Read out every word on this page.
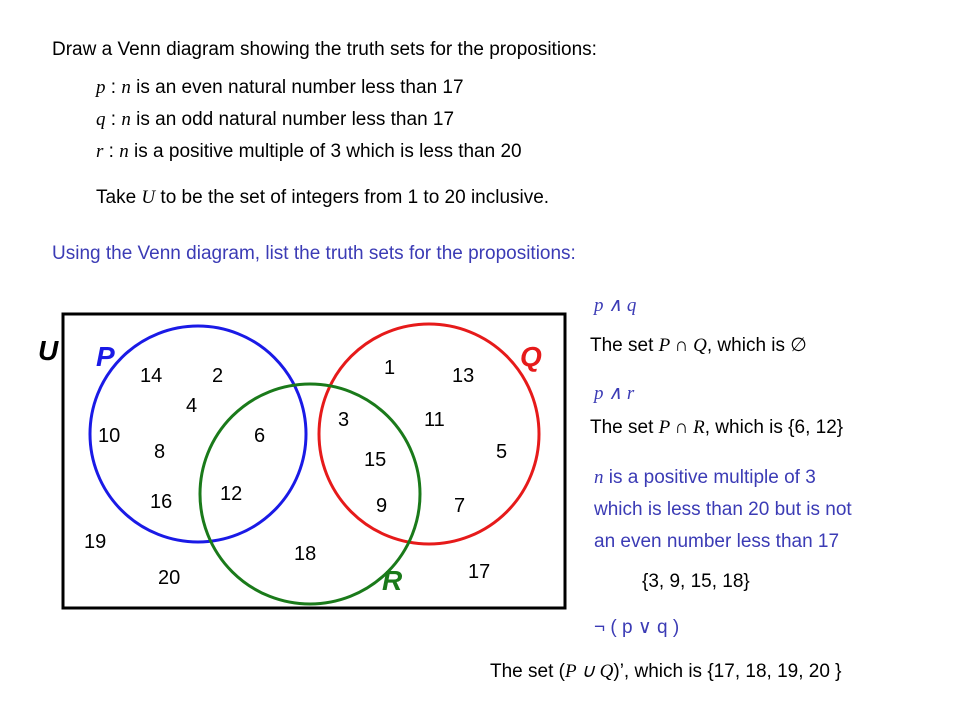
Draw a Venn diagram showing the truth sets for the propositions:
p : n is an even natural number less than 17
q : n is an odd natural number less than 17
r : n is a positive multiple of 3 which is less than 20
Take U to be the set of integers from 1 to 20 inclusive.
Using the Venn diagram, list the truth sets for the propositions:
U P	Q
R
14 2
4
10
8
6
16 12
1	13
3	11
15	5
9	7
19
18
20	17
p ∧ q
The set P ∩ Q, which is ∅
p ∧ r
The set P ∩ R, which is {6, 12}
n is a positive multiple of 3
which is less than 20 but is not
an even number less than 17
{3, 9, 15, 18}
¬ ( p ∨ q )
The set (P ∪ Q)’, which is {17, 18, 19, 20 }
